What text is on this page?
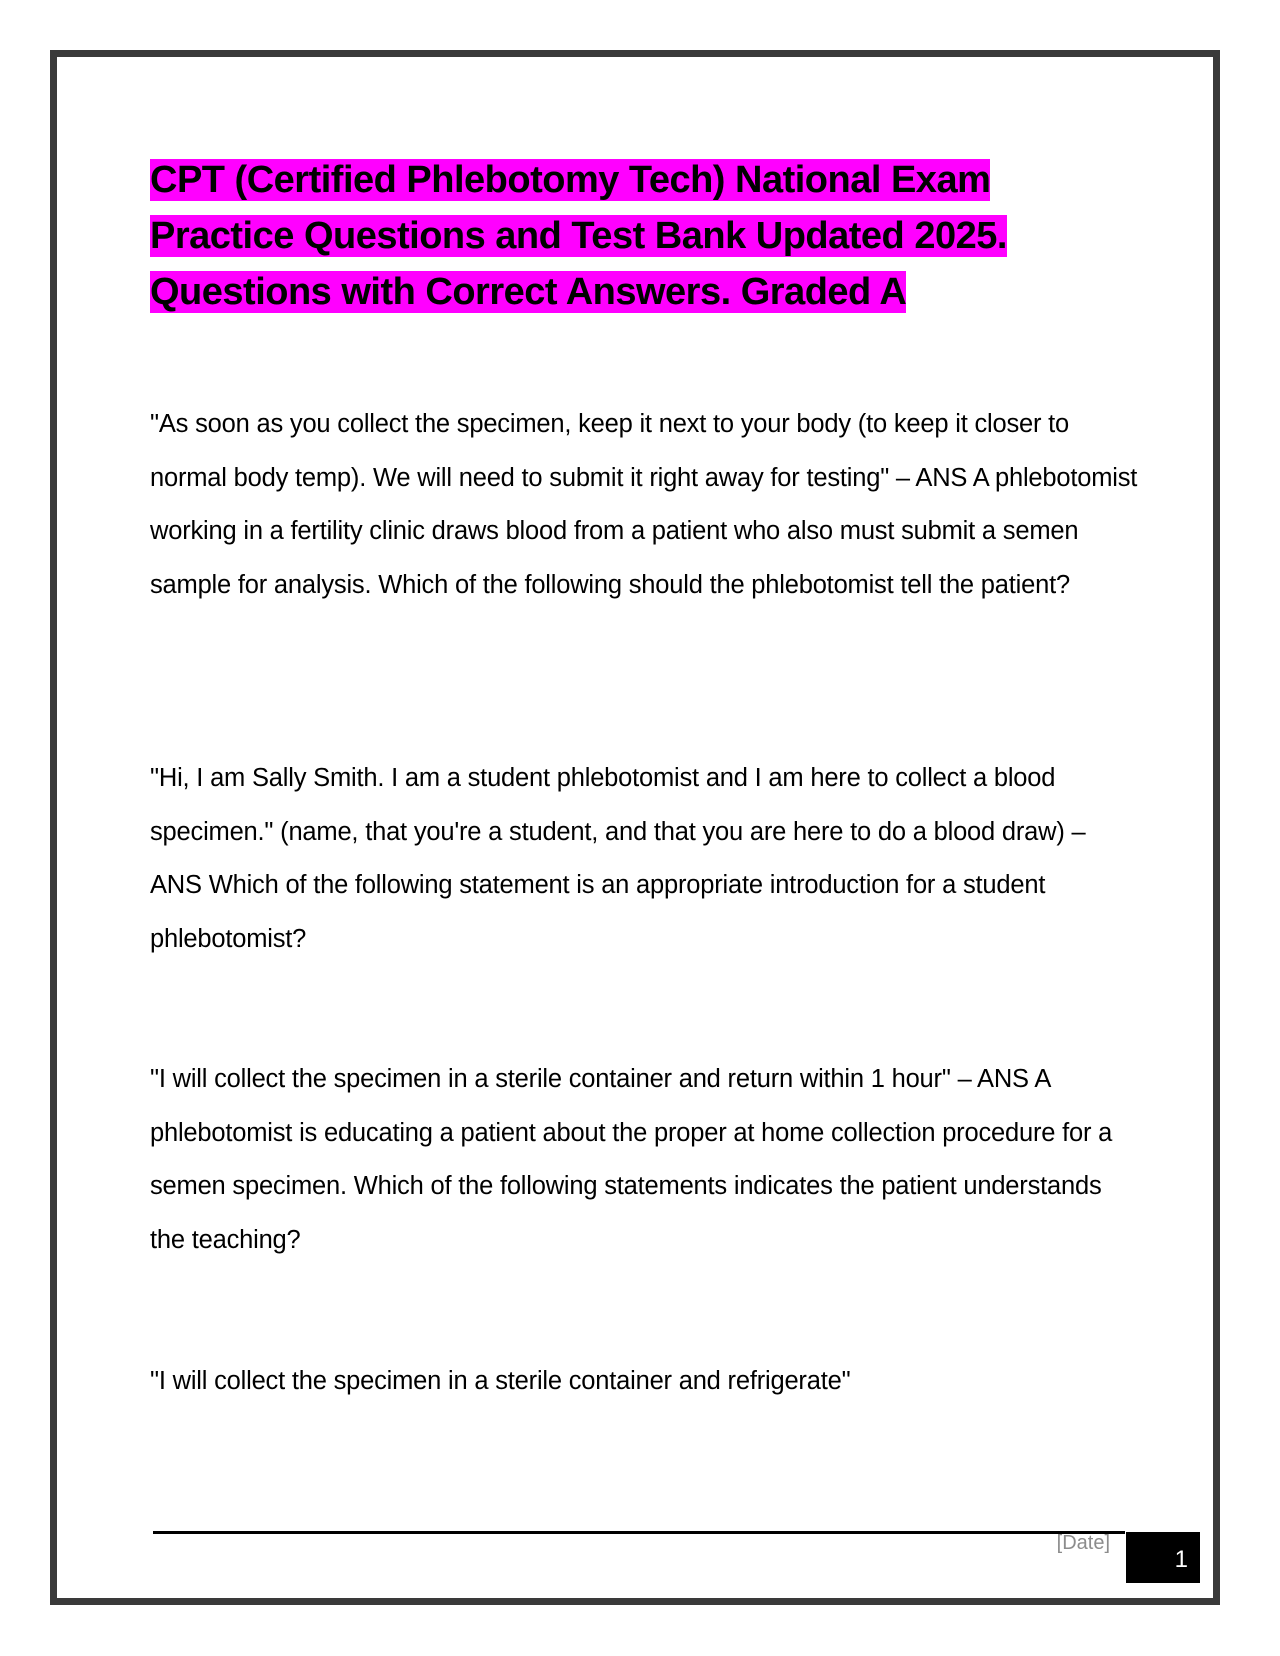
CPT (Certified Phlebotomy Tech) National Exam Practice Questions and Test Bank Updated 2025. Questions with Correct Answers. Graded A

"As soon as you collect the specimen, keep it next to your body (to keep it closer to normal body temp). We will need to submit it right away for testing" – ANS A phlebotomist working in a fertility clinic draws blood from a patient who also must submit a semen sample for analysis. Which of the following should the phlebotomist tell the patient?

"Hi, I am Sally Smith. I am a student phlebotomist and I am here to collect a blood specimen." (name, that you're a student, and that you are here to do a blood draw) – ANS Which of the following statement is an appropriate introduction for a student phlebotomist?

"I will collect the specimen in a sterile container and return within 1 hour" – ANS A phlebotomist is educating a patient about the proper at home collection procedure for a semen specimen. Which of the following statements indicates the patient understands the teaching?

"I will collect the specimen in a sterile container and refrigerate"

[Date]
1
